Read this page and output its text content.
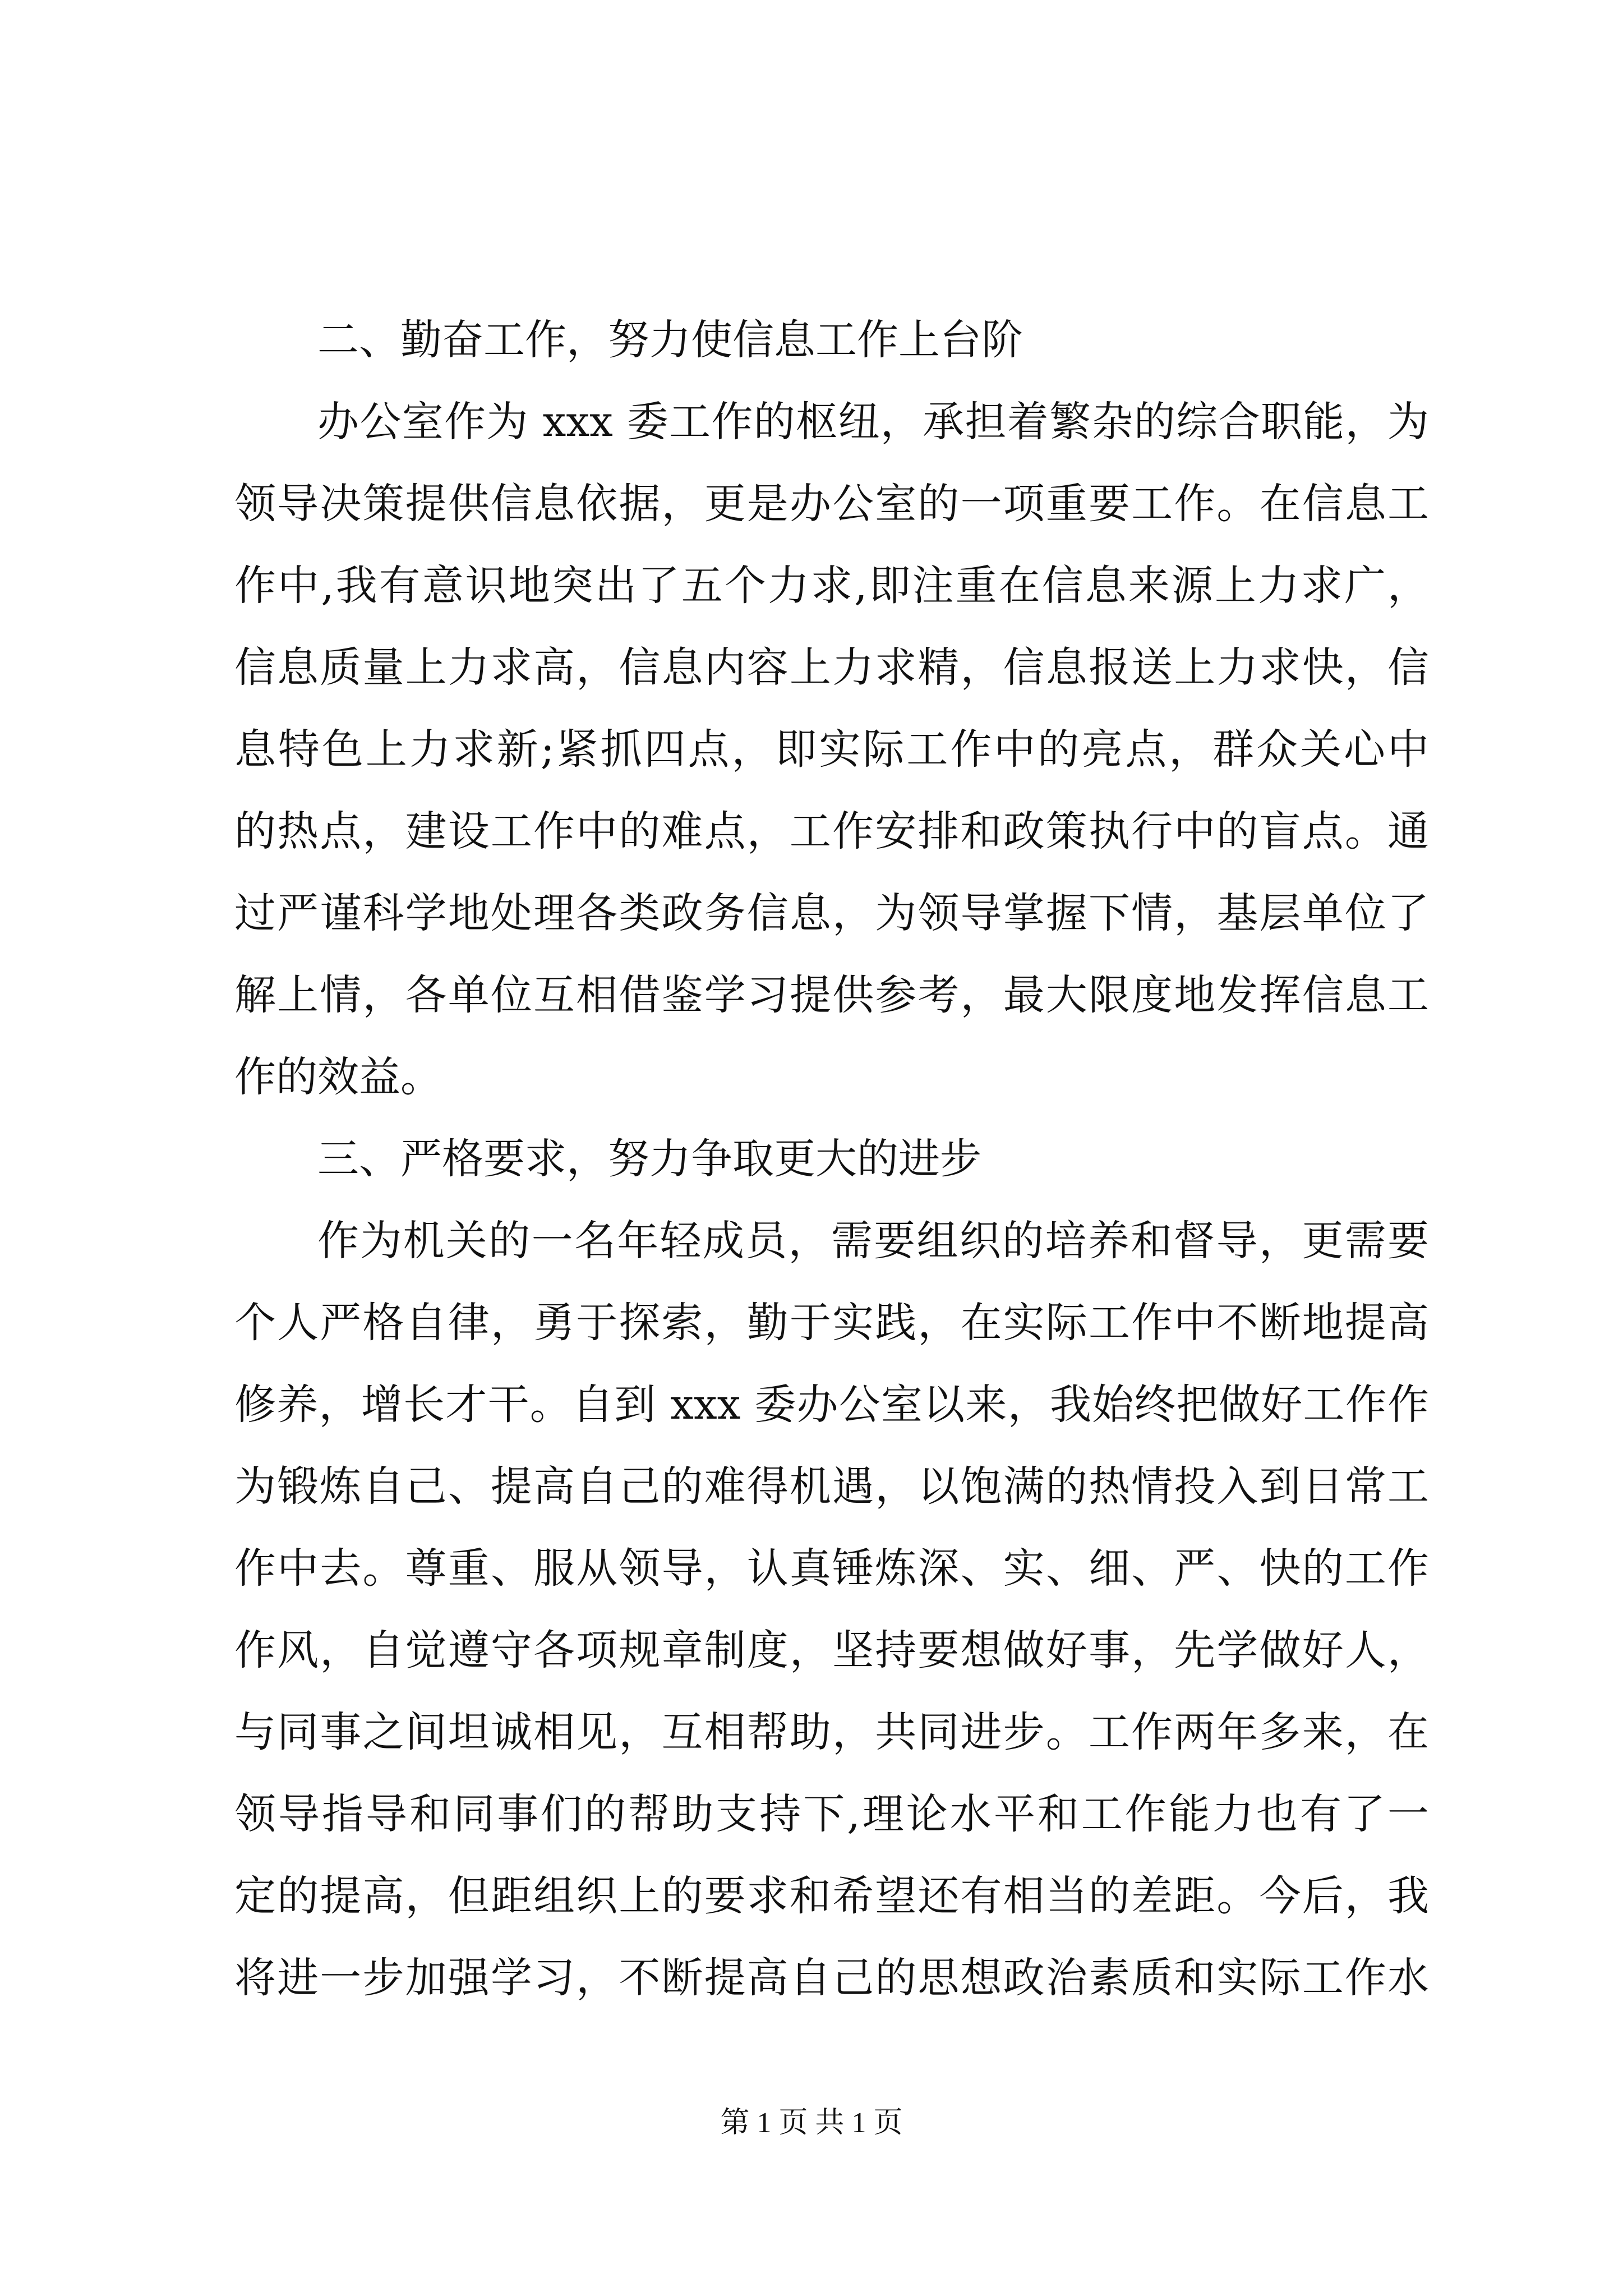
二、勤奋工作，努力使信息工作上台阶
办公室作为 xxx 委工作的枢纽，承担着繁杂的综合职能，为
领导决策提供信息依据，更是办公室的一项重要工作。在信息工
作中,我有意识地突出了五个力求,即注重在信息来源上力求广，
信息质量上力求高，信息内容上力求精，信息报送上力求快，信
息特色上力求新;紧抓四点，即实际工作中的亮点，群众关心中
的热点，建设工作中的难点，工作安排和政策执行中的盲点。通
过严谨科学地处理各类政务信息，为领导掌握下情，基层单位了
解上情，各单位互相借鉴学习提供参考，最大限度地发挥信息工
作的效益。
三、严格要求，努力争取更大的进步
作为机关的一名年轻成员，需要组织的培养和督导，更需要
个人严格自律，勇于探索，勤于实践，在实际工作中不断地提高
修养，增长才干。自到 xxx 委办公室以来，我始终把做好工作作
为锻炼自己、提高自己的难得机遇，以饱满的热情投入到日常工
作中去。尊重、服从领导，认真锤炼深、实、细、严、快的工作
作风，自觉遵守各项规章制度，坚持要想做好事，先学做好人，
与同事之间坦诚相见，互相帮助，共同进步。工作两年多来，在
领导指导和同事们的帮助支持下,理论水平和工作能力也有了一
定的提高，但距组织上的要求和希望还有相当的差距。今后，我
将进一步加强学习，不断提高自己的思想政治素质和实际工作水
第 1 页 共 1 页
